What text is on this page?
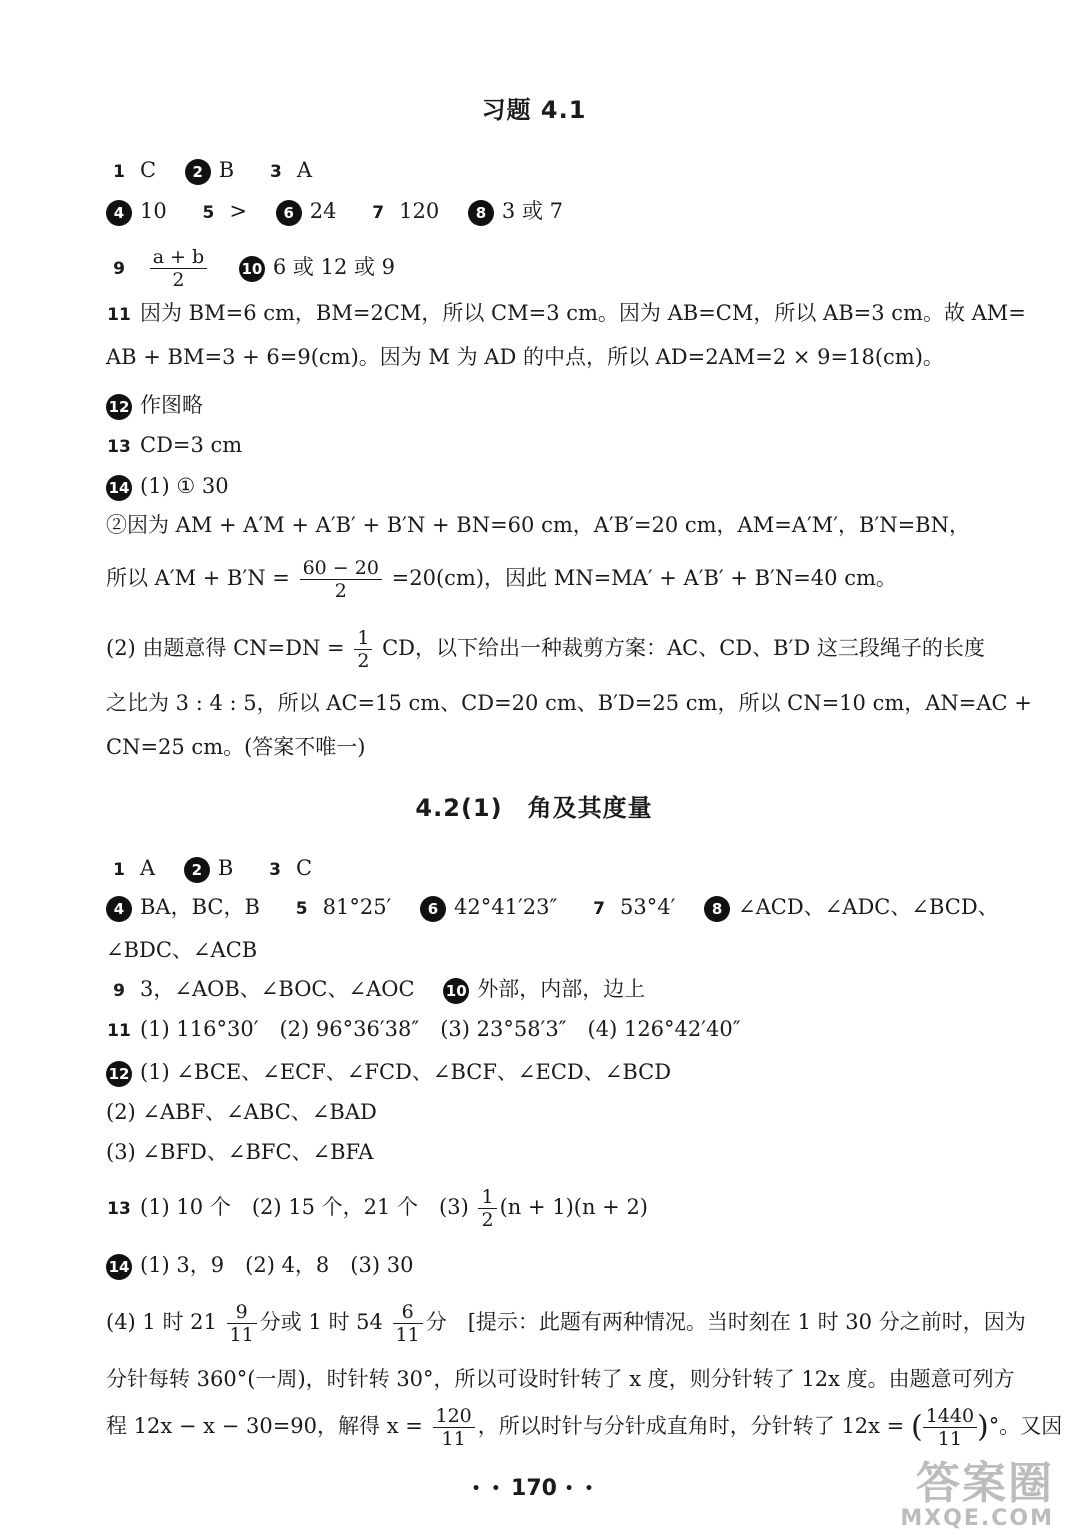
习题 4.1
1 C 2 B 3 A
4 10 5 > 6 24 7 120 8 3 或 7
$9 \frac{a + b}{2} 10$ 6 或 12 或 9
11 因为 BM=6 cm，BM=2CM，所以 CM=3 cm。因为 AB=CM，所以 AB=3 cm。故 AM=
AB + BM=3 + 6=9(cm)。因为 M 为 AD 的中点，所以 AD=2AM=2 × 9=18(cm)。
12 作图略
13 CD=3 cm
14 (1) ① 30
②因为 AM + A′M + A′B′ + B′N + BN=60 cm，A′B′=20 cm，AM=A′M′，B′N=BN，
所以 $A'M + B'N = \frac{60 - 20}{2} =20(cm)$，因此 MN=MA′ + A′B′ + B′N=40 cm。
(2) 由题意得 $CN=DN = \frac{1}{2}$ CD，以下给出一种裁剪方案：AC、CD、B′D 这三段绳子的长度
之比为 3 : 4 : 5，所以 AC=15 cm、CD=20 cm、B′D=25 cm，所以 CN=10 cm，AN=AC +
CN=25 cm。(答案不唯一)
4.2(1)　角及其度量
1 A 2 B 3 C
4 BA，BC，B 5 81°25′ 6 42°41′23″ 7 53°4′ 8 ∠ACD、∠ADC、∠BCD、
∠BDC、∠ACB
9 3，∠AOB、∠BOC、∠AOC 10 外部，内部，边上
11 (1) 116°30′　(2) 96°36′38″　(3) 23°58′3″　(4) 126°42′40″
12 (1) ∠BCE、∠ECF、∠FCD、∠BCF、∠ECD、∠BCD
(2) ∠ABF、∠ABC、∠BAD
(3) ∠BFD、∠BFC、∠BFA
13 (1) 10 个　(2) 15 个，21 个　$(3) \frac{1}{2} (n + 1)(n + 2)$
14 (1) 3，9　(2) 4，8　(3) 30
(4) 1 时 $21 \frac{9}{11}$ 分或 1 时 $54 \frac{6}{11}$ 分　[提示：此题有两种情况。当时刻在 1 时 30 分之前时，因为
分针每转 360°(一周)，时针转 30°，所以可设时针转了 x 度，则分针转了 12x 度。由题意可列方
程 12x − x − 30=90，解得 $x = \frac{120}{11}$ ，所以时针与分针成直角时，分针转了 12x = ( $\frac{1440}{11}$ )°。又因
• • 170 • •	答案圈
MXQE.COM
